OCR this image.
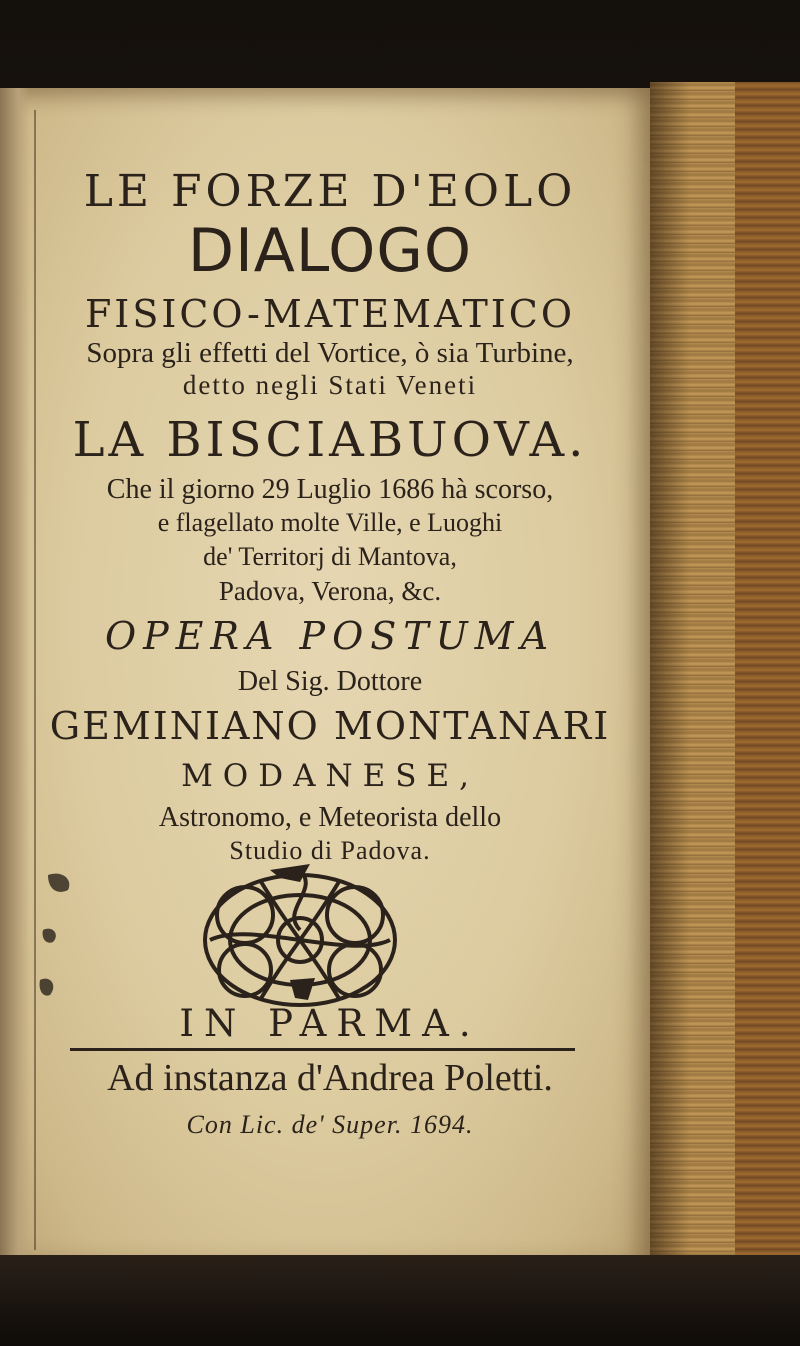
LE FORZE D'EOLO
DIALOGO
FISICO-MATEMATICO
Sopra gli effetti del Vortice, ò sia Turbine,
detto negli Stati Veneti
LA BISCIABUOVA.
Che il giorno 29 Luglio 1686 hà scorso,
e flagellato molte Ville, e Luoghi
de' Territorj di Mantova,
Padova, Verona, &c.
OPERA POSTUMA
Del Sig. Dottore
GEMINIANO MONTANARI
MODANESE,
Astronomo, e Meteorista dello
Studio di Padova.
IN PARMA.
Ad instanza d'Andrea Poletti.
Con Lic. de' Super. 1694.
